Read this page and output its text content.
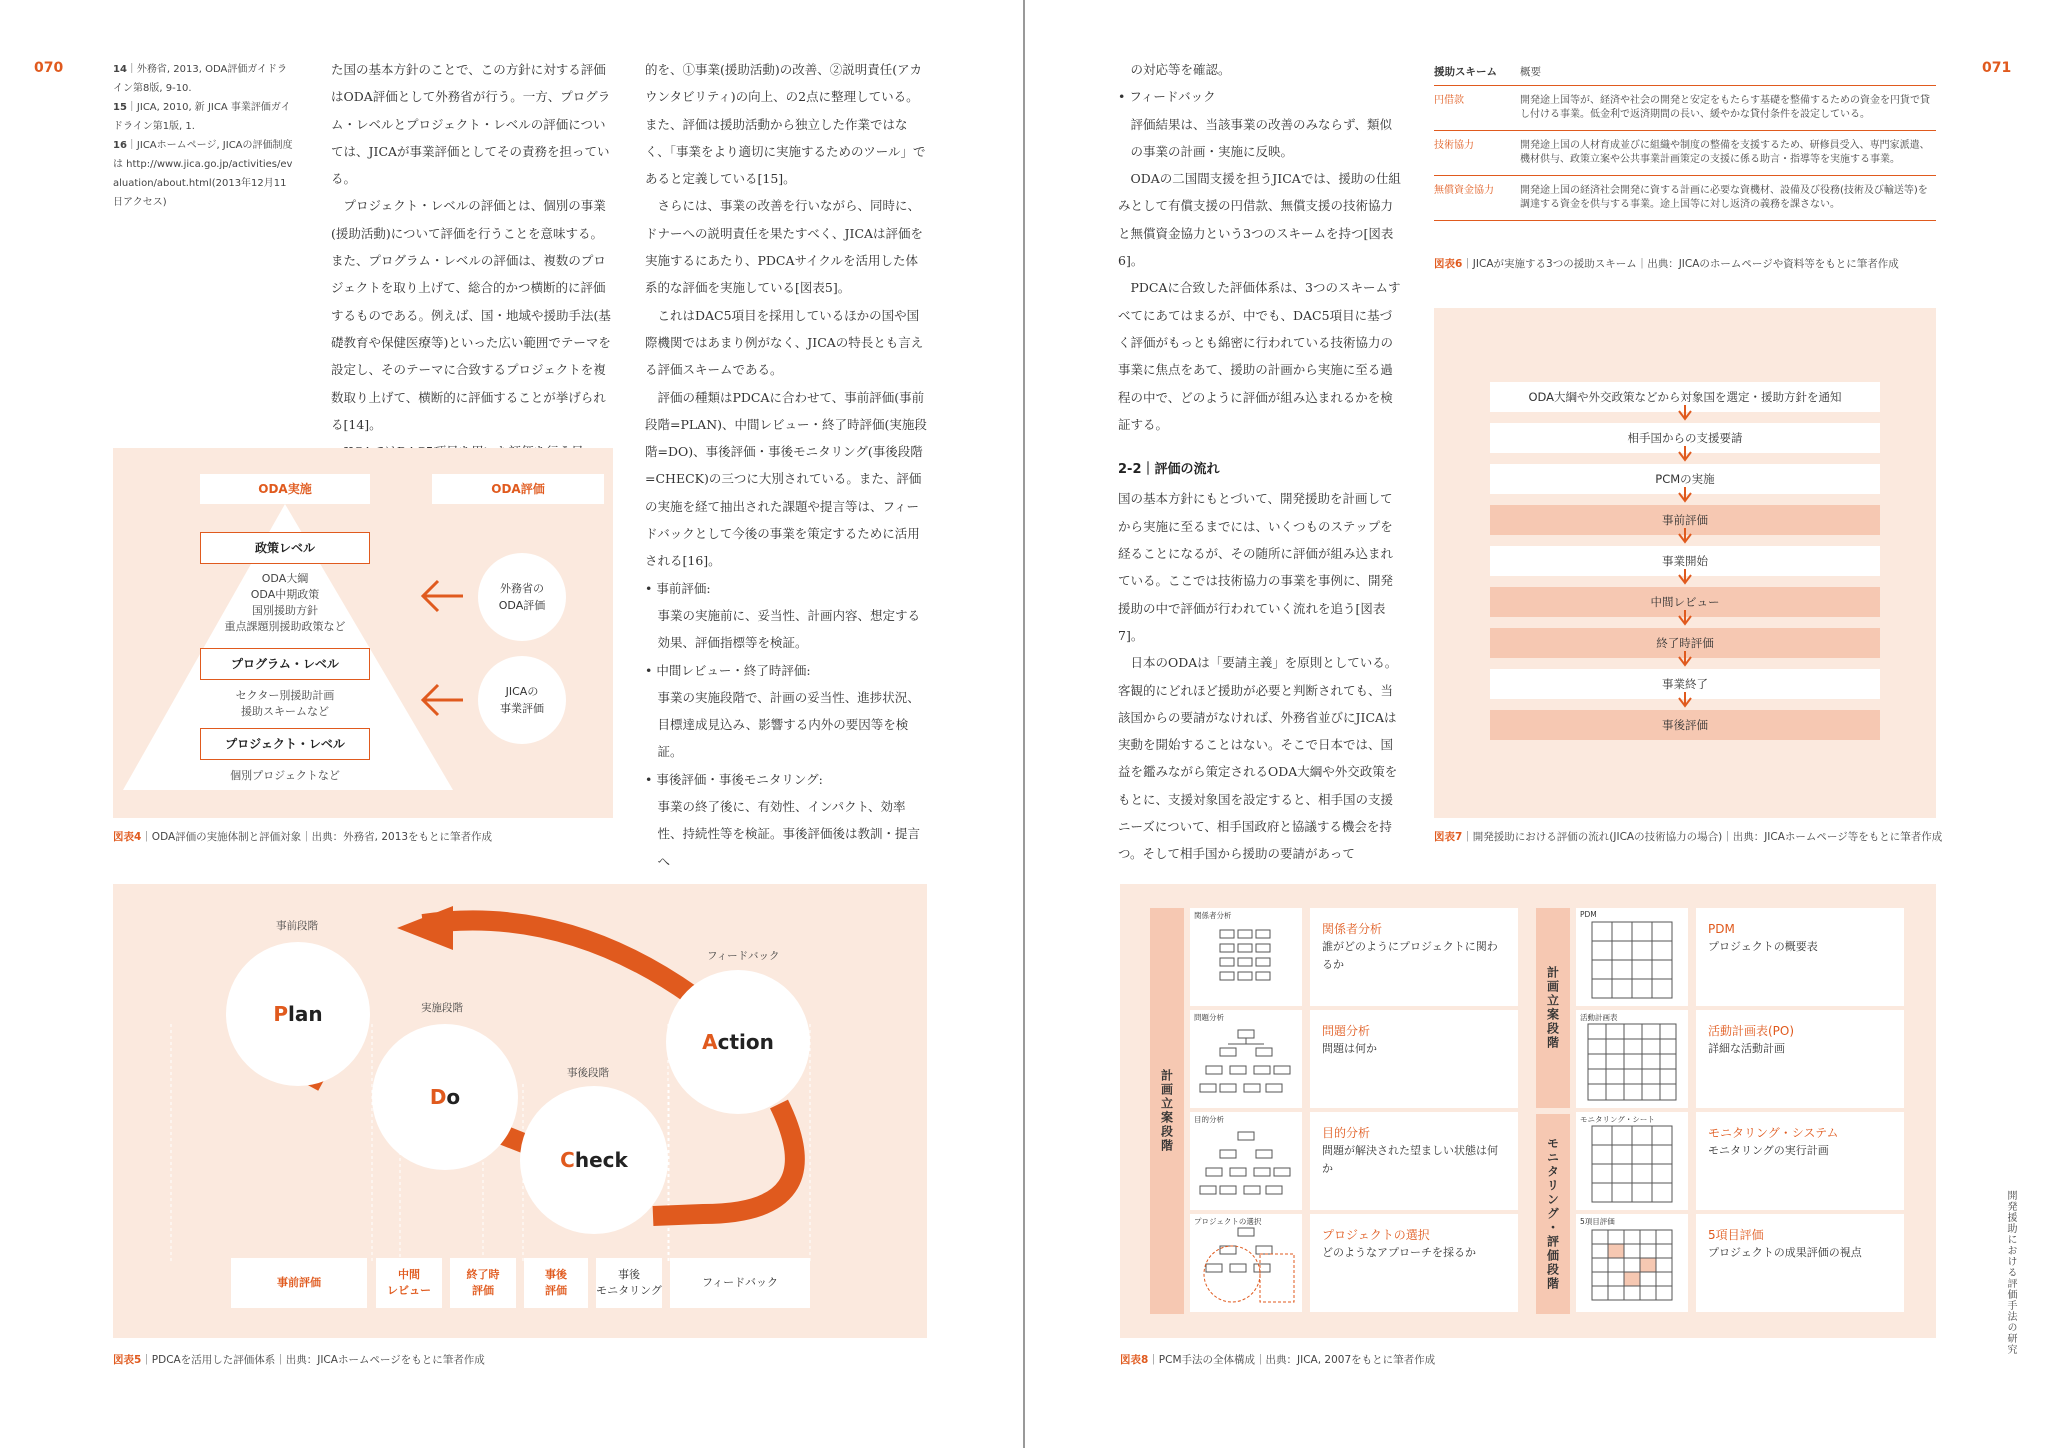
070	071
14｜外務省, 2013, ODA評価ガイドライン第8版, 9-10.
15｜JICA, 2010, 新 JICA 事業評価ガイドライン第1版, 1.
16｜JICAホームページ, JICAの評価制度は http://www.jica.go.jp/activities/evaluation/about.html(2013年12月11日アクセス)

た国の基本方針のことで、この方針に対する評価はODA評価として外務省が行う。一方、プログラム・レベルとプロジェクト・レベルの評価については、JICAが事業評価としてその責務を担っている。

プロジェクト・レベルの評価とは、個別の事業(援助活動)について評価を行うことを意味する。また、プログラム・レベルの評価は、複数のプロジェクトを取り上げて、総合的かつ横断的に評価するものである。例えば、国・地域や援助手法(基礎教育や保健医療等)といった広い範囲でテーマを設定し、そのテーマに合致するプロジェクトを複数取り上げて、横断的に評価することが挙げられる[14]。

的を、①事業(援助活動)の改善、②説明責任(アカウンタビリティ)の向上、の2点に整理している。また、評価は援助活動から独立した作業ではなく、「事業をより適切に実施するためのツール」であると定義している[15]。

さらには、事業の改善を行いながら、同時に、ドナーへの説明責任を果たすべく、JICAは評価を実施するにあたり、PDCAサイクルを活用した体系的な評価を実施している[図表5]。

これはDAC5項目を採用しているほかの国や国際機関ではあまり例がなく、JICAの特長とも言える評価スキームである。

評価の種類はPDCAに合わせて、事前評価(事前段階=PLAN)、中間レビュー・終了時評価(実施段階=DO)、事後評価・事後モニタリング(事後段階=CHECK)の三つに大別されている。また、評価の実施を経て抽出された課題や提言等は、フィードバックとして今後の事業を策定するために活用される[16]。

• 事前評価:

事業の実施前に、妥当性、計画内容、想定する効果、評価指標等を検証。

• 中間レビュー・終了時評価:

事業の実施段階で、計画の妥当性、進捗状況、目標達成見込み、影響する内外の要因等を検証。

• 事後評価・事後モニタリング:

事業の終了後に、有効性、インパクト、効率性、持続性等を検証。事後評価後は教訓・提言へ

の対応等を確認。

• フィードバック

評価結果は、当該事業の改善のみならず、類似の事業の計画・実施に反映。

ODAの二国間支援を担うJICAでは、援助の仕組みとして有償支援の円借款、無償支援の技術協力と無償資金協力という3つのスキームを持つ[図表6]。

PDCAに合致した評価体系は、3つのスキームすべてにあてはまるが、中でも、DAC5項目に基づく評価がもっとも綿密に行われている技術協力の事業に焦点をあて、援助の計画から実施に至る過程の中で、どのように評価が組み込まれるかを検証する。

2-2｜評価の流れ

国の基本方針にもとづいて、開発援助を計画してから実施に至るまでには、いくつものステップを経ることになるが、その随所に評価が組み込まれている。ここでは技術協力の事業を事例に、開発援助の中で評価が行われていく流れを追う[図表7]。

日本のODAは「要請主義」を原則としている。客観的にどれほど援助が必要と判断されても、当該国からの要請がなければ、外務省並びにJICAは実動を開始することはない。そこで日本では、国益を鑑みながら策定されるODA大綱や外交政策をもとに、支援対象国を設定すると、相手国の支援ニーズについて、相手国政府と協議する機会を持つ。そして相手国から援助の要請があって

ODA実施	ODA評価
政策レベル
ODA大綱
ODA中期政策
国別援助方針
重点課題別援助政策など
プログラム・レベル
セクター別援助計画
援助スキームなど
プロジェクト・レベル
個別プロジェクトなど
外務省の
ODA評価
JICAの
事業評価
図表4｜ODA評価の実施体制と評価対象｜出典：外務省, 2013をもとに筆者作成
事前段階
実施段階
事後段階
フィードバック
P lan
D o
C heck
A ction
事前評価
中間
レビュー
終了時
評価
事後
評価
事後
モニタリング
フィードバック
図表5｜PDCAを活用した評価体系｜出典：JICAホームページをもとに筆者作成
援助スキーム	概要
円借款	開発途上国等が、経済や社会の開発と安定をもたらす基礎を整備するための資金を円貨で貸し付ける事業。低金利で返済期間の長い、緩やかな貸付条件を設定している。
技術協力	開発途上国の人材育成並びに組織や制度の整備を支援するため、研修員受入、専門家派遣、機材供与、政策立案や公共事業計画策定の支援に係る助言・指導等を実施する事業。
無償資金協力	開発途上国の経済社会開発に資する計画に必要な資機材、設備及び役務(技術及び輸送等)を調達する資金を供与する事業。途上国等に対し返済の義務を課さない。
図表6｜JICAが実施する3つの援助スキーム｜出典：JICAのホームページや資料等をもとに筆者作成
ODA大綱や外交政策などから対象国を選定・援助方針を通知
相手国からの支援要請
PCMの実施
事前評価
事業開始
中間レビュー
終了時評価
事業終了
事後評価
図表7｜開発援助における評価の流れ(JICAの技術協力の場合)｜出典：JICAホームページ等をもとに筆者作成
計画立案段階
計画立案段階
モニタリング・評価段階
関係者分析
関係者分析
誰がどのようにプロジェクトに関わるか
問題分析
問題分析
問題は何か
目的分析
目的分析
問題が解決された望ましい状態は何か
プロジェクトの選択
プロジェクトの選択
どのようなアプローチを採るか
PDM
PDM
プロジェクトの概要表
活動計画表
活動計画表(PO)
詳細な活動計画
モニタリング・シート
モニタリング・システム
モニタリングの実行計画
5項目評価
5項目評価
プロジェクトの成果評価の視点
図表8｜PCM手法の全体構成｜出典：JICA, 2007をもとに筆者作成
開発援助における評価手法の研究
